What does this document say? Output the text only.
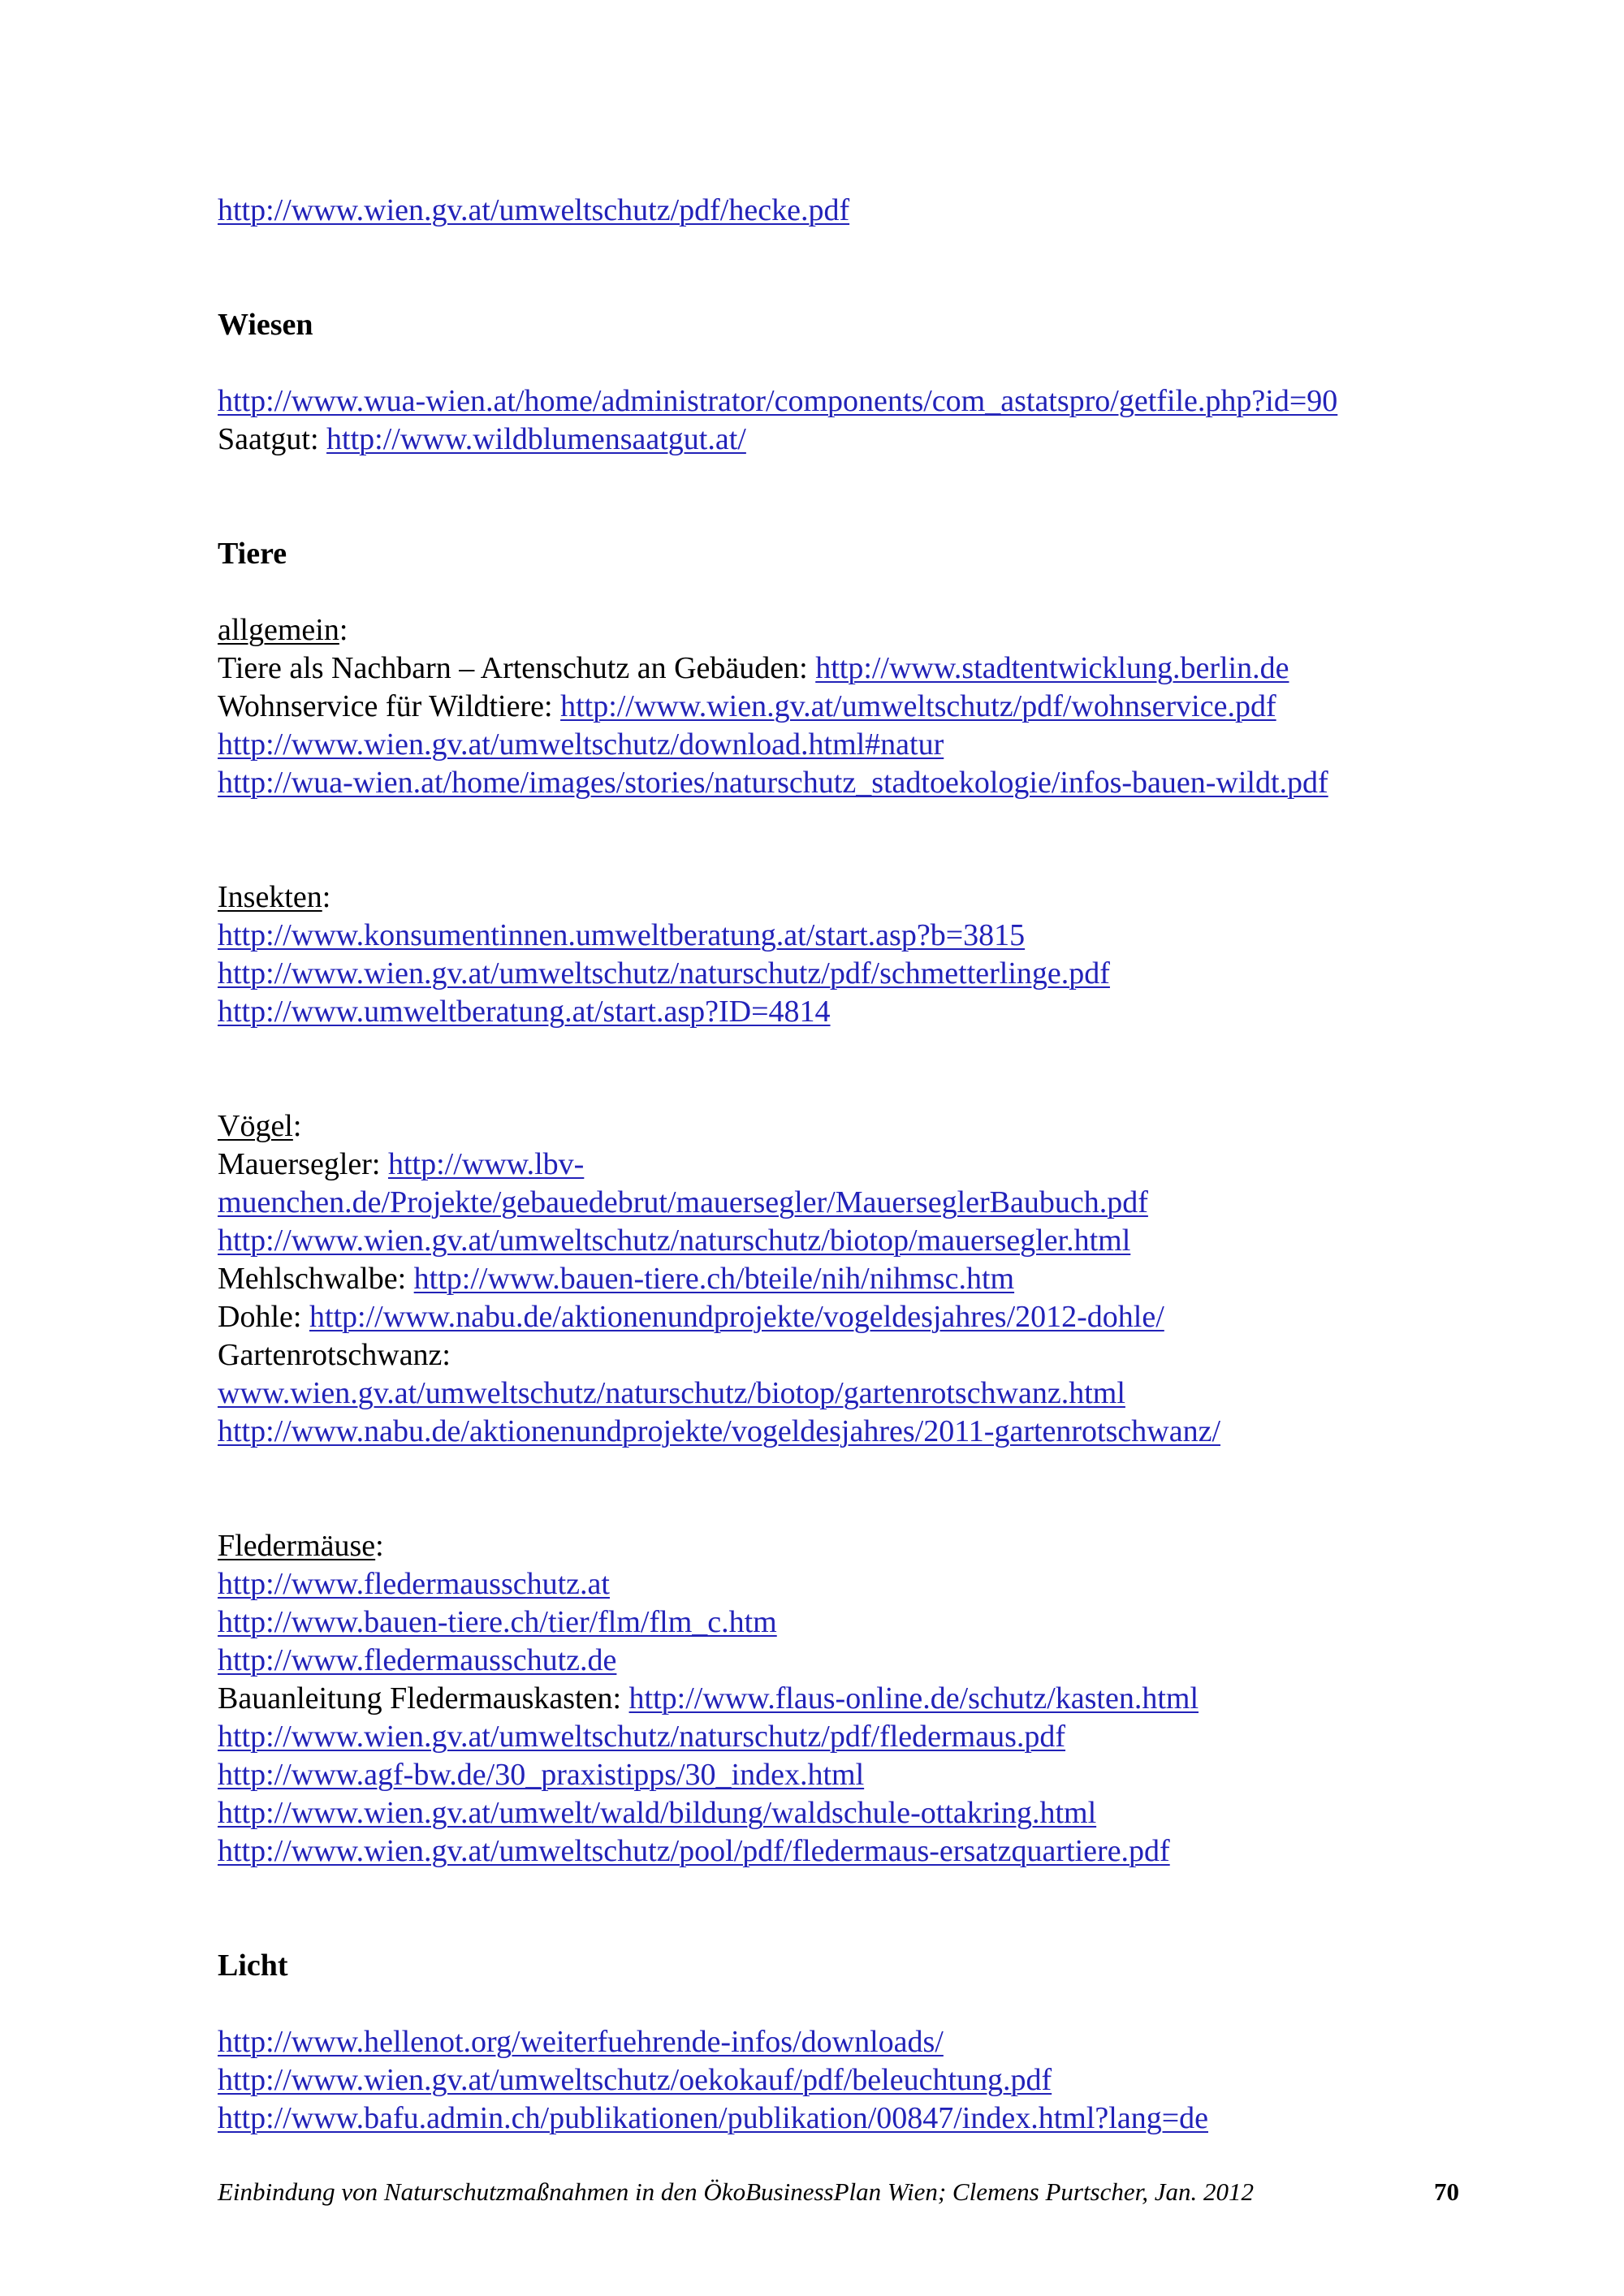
http://www.wien.gv.at/umweltschutz/pdf/hecke.pdf
Wiesen
http://www.wua-wien.at/home/administrator/components/com_astatspro/getfile.php?id=90
Saatgut: http://www.wildblumensaatgut.at/
Tiere
allgemein:
Tiere als Nachbarn – Artenschutz an Gebäuden: http://www.stadtentwicklung.berlin.de
Wohnservice für Wildtiere: http://www.wien.gv.at/umweltschutz/pdf/wohnservice.pdf
http://www.wien.gv.at/umweltschutz/download.html#natur
http://wua-wien.at/home/images/stories/naturschutz_stadtoekologie/infos-bauen-wildt.pdf
Insekten:
http://www.konsumentinnen.umweltberatung.at/start.asp?b=3815
http://www.wien.gv.at/umweltschutz/naturschutz/pdf/schmetterlinge.pdf
http://www.umweltberatung.at/start.asp?ID=4814
Vögel:
Mauersegler: http://www.lbv-
muenchen.de/Projekte/gebauedebrut/mauersegler/MauerseglerBaubuch.pdf
http://www.wien.gv.at/umweltschutz/naturschutz/biotop/mauersegler.html
Mehlschwalbe: http://www.bauen-tiere.ch/bteile/nih/nihmsc.htm
Dohle: http://www.nabu.de/aktionenundprojekte/vogeldesjahres/2012-dohle/
Gartenrotschwanz:
www.wien.gv.at/umweltschutz/naturschutz/biotop/gartenrotschwanz.html
http://www.nabu.de/aktionenundprojekte/vogeldesjahres/2011-gartenrotschwanz/
Fledermäuse:
http://www.fledermausschutz.at
http://www.bauen-tiere.ch/tier/flm/flm_c.htm
http://www.fledermausschutz.de
Bauanleitung Fledermauskasten: http://www.flaus-online.de/schutz/kasten.html
http://www.wien.gv.at/umweltschutz/naturschutz/pdf/fledermaus.pdf
http://www.agf-bw.de/30_praxistipps/30_index.html
http://www.wien.gv.at/umwelt/wald/bildung/waldschule-ottakring.html
http://www.wien.gv.at/umweltschutz/pool/pdf/fledermaus-ersatzquartiere.pdf
Licht
http://www.hellenot.org/weiterfuehrende-infos/downloads/
http://www.wien.gv.at/umweltschutz/oekokauf/pdf/beleuchtung.pdf
http://www.bafu.admin.ch/publikationen/publikation/00847/index.html?lang=de
Einbindung von Naturschutzmaßnahmen in den ÖkoBusinessPlan Wien; Clemens Purtscher, Jan. 2012	70
